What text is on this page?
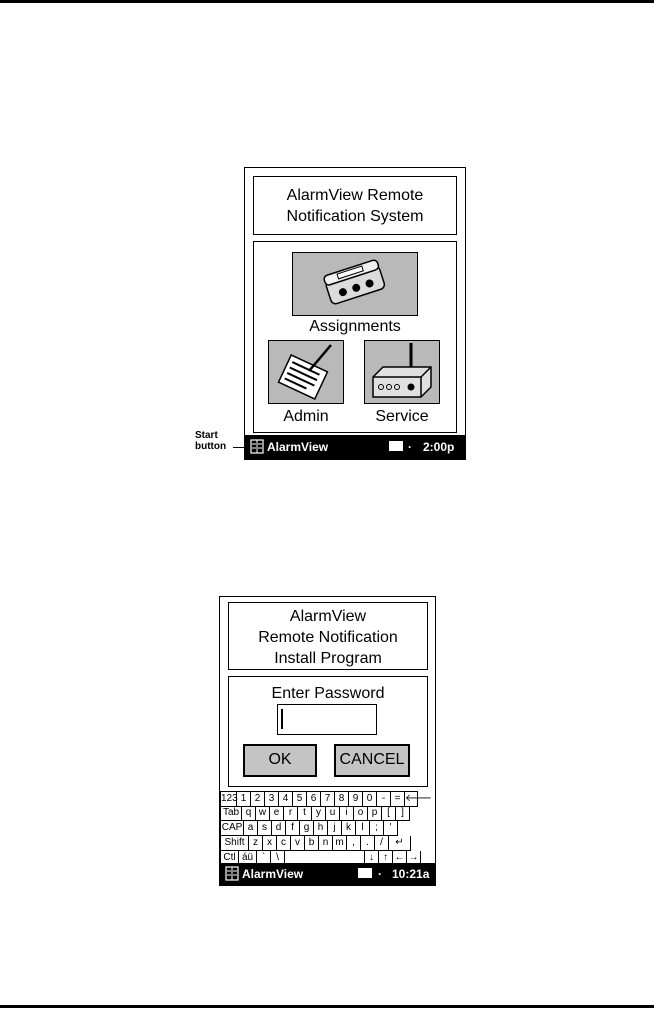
Start
button
AlarmView Remote
Notification System
Assignments
Admin	Service
AlarmView	· 2:00p
AlarmView
Remote Notification
Install Program
Enter Password
OK	CANCEL
123 1 2 3 4 5 6 7 8 9 0 - = 🡐
Tab q w e r	t	y u	i	o p [	]
CAP a s d f g h	j	k	l	;	'
Shift z x c v b n m ,	.	/	↵
Ctl áü `	\	↓ ↑ ← →
AlarmView	· 10:21a
